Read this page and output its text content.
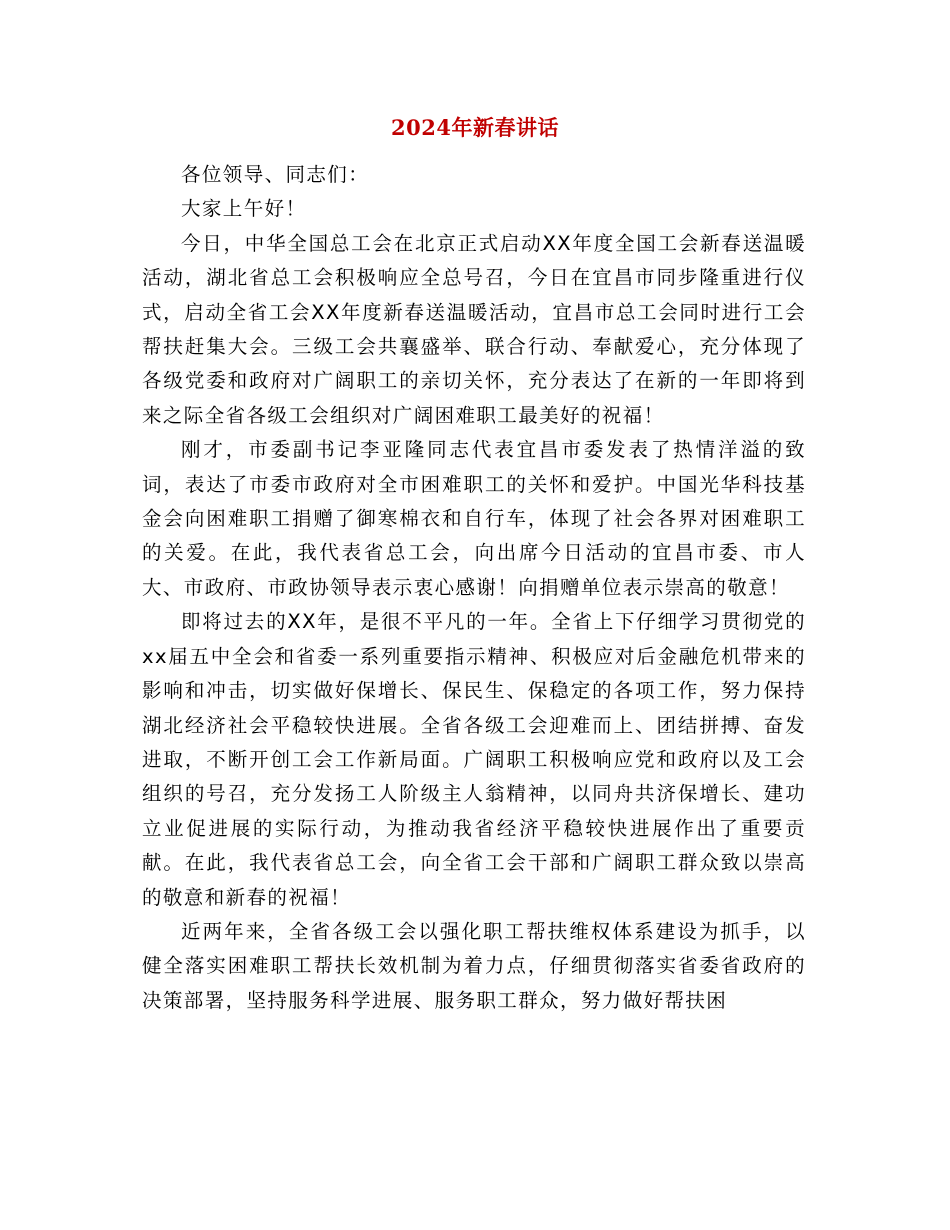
2024年新春讲话

各位领导、同志们：

大家上午好！

今日，中华全国总工会在北京正式启动XX年度全国工会新春送温暖活动，湖北省总工会积极响应全总号召，今日在宜昌市同步隆重进行仪式，启动全省工会XX年度新春送温暖活动，宜昌市总工会同时进行工会帮扶赶集大会。三级工会共襄盛举、联合行动、奉献爱心，充分体现了各级党委和政府对广阔职工的亲切关怀，充分表达了在新的一年即将到来之际全省各级工会组织对广阔困难职工最美好的祝福！

刚才，市委副书记李亚隆同志代表宜昌市委发表了热情洋溢的致词，表达了市委市政府对全市困难职工的关怀和爱护。中国光华科技基金会向困难职工捐赠了御寒棉衣和自行车，体现了社会各界对困难职工的关爱。在此，我代表省总工会，向出席今日活动的宜昌市委、市人大、市政府、市政协领导表示衷心感谢！向捐赠单位表示崇高的敬意！

即将过去的XX年，是很不平凡的一年。全省上下仔细学习贯彻党的xx届五中全会和省委一系列重要指示精神、积极应对后金融危机带来的影响和冲击，切实做好保增长、保民生、保稳定的各项工作，努力保持湖北经济社会平稳较快进展。全省各级工会迎难而上、团结拼搏、奋发进取，不断开创工会工作新局面。广阔职工积极响应党和政府以及工会组织的号召，充分发扬工人阶级主人翁精神，以同舟共济保增长、建功立业促进展的实际行动，为推动我省经济平稳较快进展作出了重要贡献。在此，我代表省总工会，向全省工会干部和广阔职工群众致以崇高的敬意和新春的祝福！

近两年来，全省各级工会以强化职工帮扶维权体系建设为抓手，以健全落实困难职工帮扶长效机制为着力点，仔细贯彻落实省委省政府的决策部署，坚持服务科学进展、服务职工群众，努力做好帮扶困
